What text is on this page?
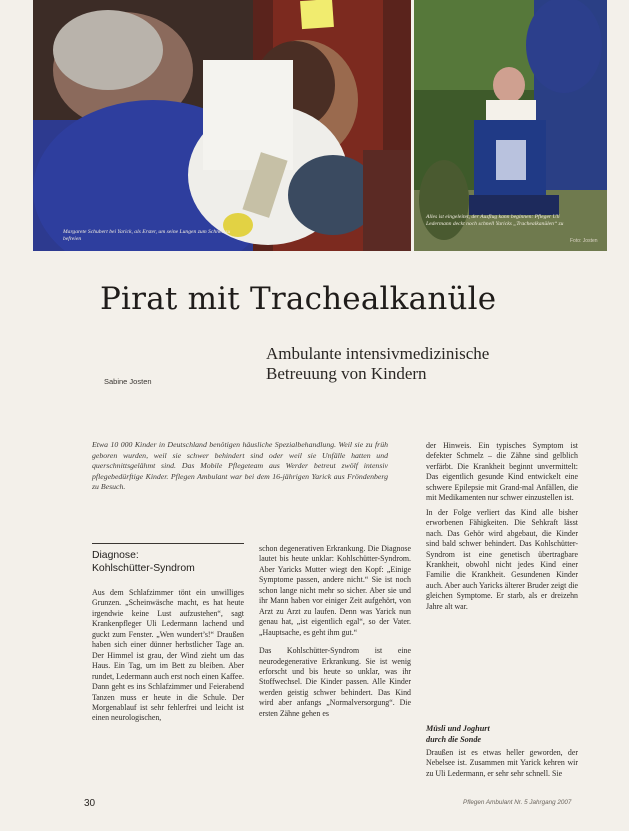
Margarete Schubert bei Yarick, als Erster, um seine Lungen zum Schnee zu befreien
Alles ist eingeleitet, der Ausflug kann beginnen: Pfleger Uli Ledermann deckt noch schnell Yaricks „Trachealkanülen“ zu
Foto: Josten
Pirat mit Trachealkanüle
Ambulante intensivmedizinische
Betreuung von Kindern
Sabine Josten
Etwa 10 000 Kinder in Deutschland benötigen häusliche Spezialbehandlung. Weil sie zu früh geboren wurden, weil sie schwer behindert sind oder weil sie Unfälle hatten und querschnittsgelähmt sind. Das Mobile Pflegeteam aus Werder betreut zwölf intensiv pflegebedürftige Kinder. Pflegen Ambulant war bei dem 16-jährigen Yarick aus Fröndenberg zu Besuch.
Diagnose:
Kohlschütter-Syndrom

Aus dem Schlafzimmer tönt ein unwilliges Grunzen. „Scheinwäsche macht, es hat heute irgendwie keine Lust aufzustehen“, sagt Krankenpfleger Uli Ledermann lachend und guckt zum Fenster. „Wen wundert’s!“ Draußen haben sich einer dünner herbstlicher Tage an. Der Himmel ist grau, der Wind zieht um das Haus. Ein Tag, um im Bett zu bleiben. Aber rundet, Ledermann auch erst noch einen Kaffee. Dann geht es ins Schlafzimmer und Feierabend Tanzen muss er heute in die Schule. Der Morgenablauf ist sehr fehlerfrei und leicht ist einen neurologischen,

schon degenerativen Erkrankung. Die Diagnose lautet bis heute unklar: Kohlschütter-Syndrom. Aber Yaricks Mutter wiegt den Kopf: „Einige Symptome passen, andere nicht.“ Sie ist noch schon lange nicht mehr so sicher. Aber sie und ihr Mann haben vor einiger Zeit aufgehört, von Arzt zu Arzt zu laufen. Denn was Yarick nun genau hat, „ist eigentlich egal“, so der Vater. „Hauptsache, es geht ihm gut.“

Das Kohlschütter-Syndrom ist eine neurodegenerative Erkrankung. Sie ist wenig erforscht und bis heute so unklar, was ihr Stoffwechsel. Die Kinder passen. Alle Kinder werden geistig schwer behindert. Das Kind wird aber anfangs „Normalversorgung“. Die ersten Zähne gehen es

der Hinweis. Ein typisches Symptom ist defekter Schmelz – die Zähne sind gelblich verfärbt. Die Krankheit beginnt unvermittelt: Das eigentlich gesunde Kind entwickelt eine schwere Epilepsie mit Grand-mal Anfällen, die mit Medikamenten nur schwer einzustellen ist.

In der Folge verliert das Kind alle bisher erworbenen Fähigkeiten. Die Sehkraft lässt nach. Das Gehör wird abgebaut, die Kinder sind bald schwer behindert. Das Kohlschütter-Syndrom ist eine genetisch übertragbare Krankheit, obwohl nicht jedes Kind einer Familie die Krankheit. Gesundenen Kinder auch. Aber auch Yaricks älterer Bruder zeigt die gleichen Symptome. Er starb, als er dreizehn Jahre alt war.

Müsli und Joghurt
durch die Sonde

Draußen ist es etwas heller geworden, der Nebelsee ist. Zusammen mit Yarick kehren wir zu Uli Ledermann, er sehr sehr schnell. Sie

30	Pflegen Ambulant Nr. 5 Jahrgang 2007
